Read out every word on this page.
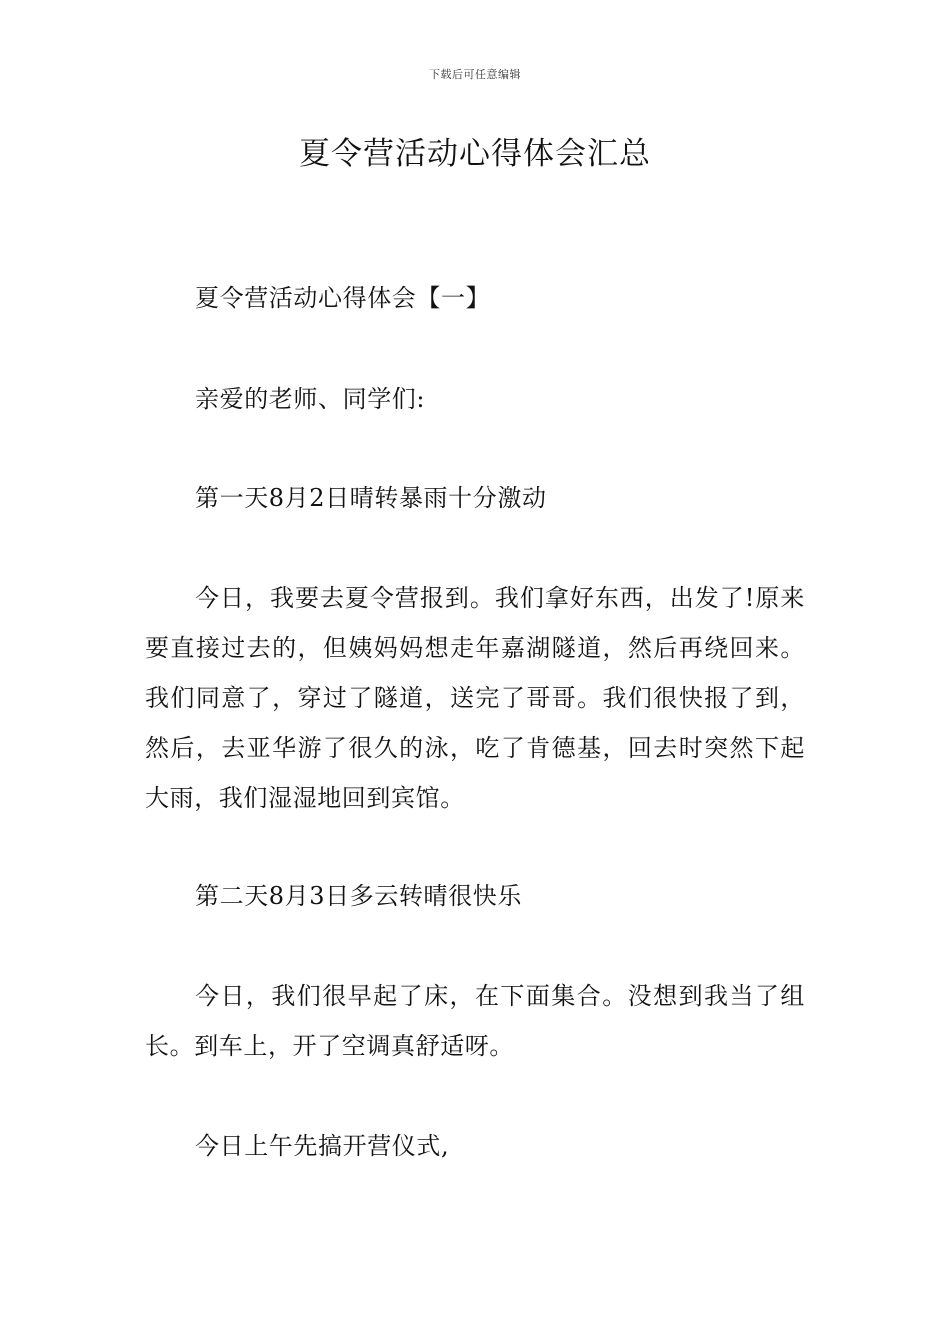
下载后可任意编辑
夏令营活动心得体会汇总

夏令营活动心得体会【一】

亲爱的老师、同学们:

第一天8月2日晴转暴雨十分激动

今日，我要去夏令营报到。我们拿好东西，出发了!原来要直接过去的，但姨妈妈想走年嘉湖隧道，然后再绕回来。我们同意了，穿过了隧道，送完了哥哥。我们很快报了到，然后，去亚华游了很久的泳，吃了肯德基，回去时突然下起大雨，我们湿湿地回到宾馆。

第二天8月3日多云转晴很快乐

今日，我们很早起了床，在下面集合。没想到我当了组长。到车上，开了空调真舒适呀。

今日上午先搞开营仪式,
